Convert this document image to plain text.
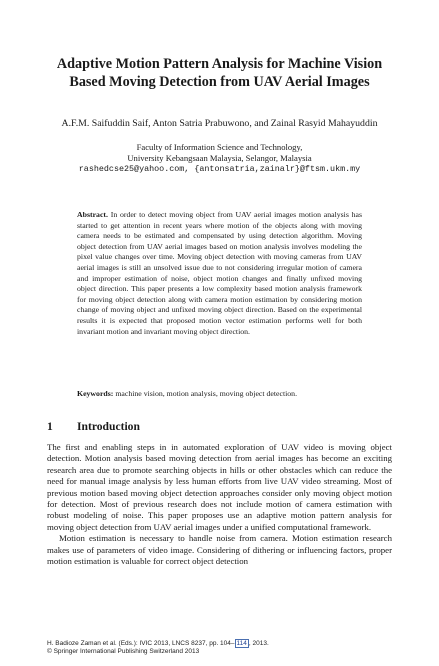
Adaptive Motion Pattern Analysis for Machine Vision Based Moving Detection from UAV Aerial Images

A.F.M. Saifuddin Saif, Anton Satria Prabuwono, and Zainal Rasyid Mahayuddin

Faculty of Information Science and Technology,
University Kebangsaan Malaysia, Selangor, Malaysia
rashedcse25@yahoo.com, {antonsatria,zainalr}@ftsm.ukm.my

Abstract. In order to detect moving object from UAV aerial images motion analysis has started to get attention in recent years where motion of the objects along with moving camera needs to be estimated and compensated by using detection algorithm. Moving object detection from UAV aerial images based on motion analysis involves modeling the pixel value changes over time. Moving object detection with moving cameras from UAV aerial images is still an unsolved issue due to not considering irregular motion of camera and improper estimation of noise, object motion changes and finally unfixed moving object direction. This paper presents a low complexity based motion analysis framework for moving object detection along with camera motion estimation by considering motion change of moving object and unfixed moving object direction. Based on the experimental results it is expected that proposed motion vector estimation performs well for both invariant motion and invariant moving object direction.

Keywords: machine vision, motion analysis, moving object detection.

1 Introduction

The first and enabling steps in in automated exploration of UAV video is moving object detection. Motion analysis based moving detection from aerial images has become an exciting research area due to promote searching objects in hills or other obstacles which can reduce the need for manual image analysis by less human efforts from live UAV video streaming. Most of previous motion based moving object detection approaches consider only moving object motion for detection. Most of previous research does not include motion of camera estimation with robust modeling of noise. This paper proposes use an adaptive motion pattern analysis for moving object detection from UAV aerial images under a unified computational framework.

Motion estimation is necessary to handle noise from camera. Motion estimation research makes use of parameters of video image. Considering of dithering or influencing factors, proper motion estimation is valuable for correct object detection

H. Badioze Zaman et al. (Eds.): IVIC 2013, LNCS 8237, pp. 104– 114 , 2013.
© Springer International Publishing Switzerland 2013
